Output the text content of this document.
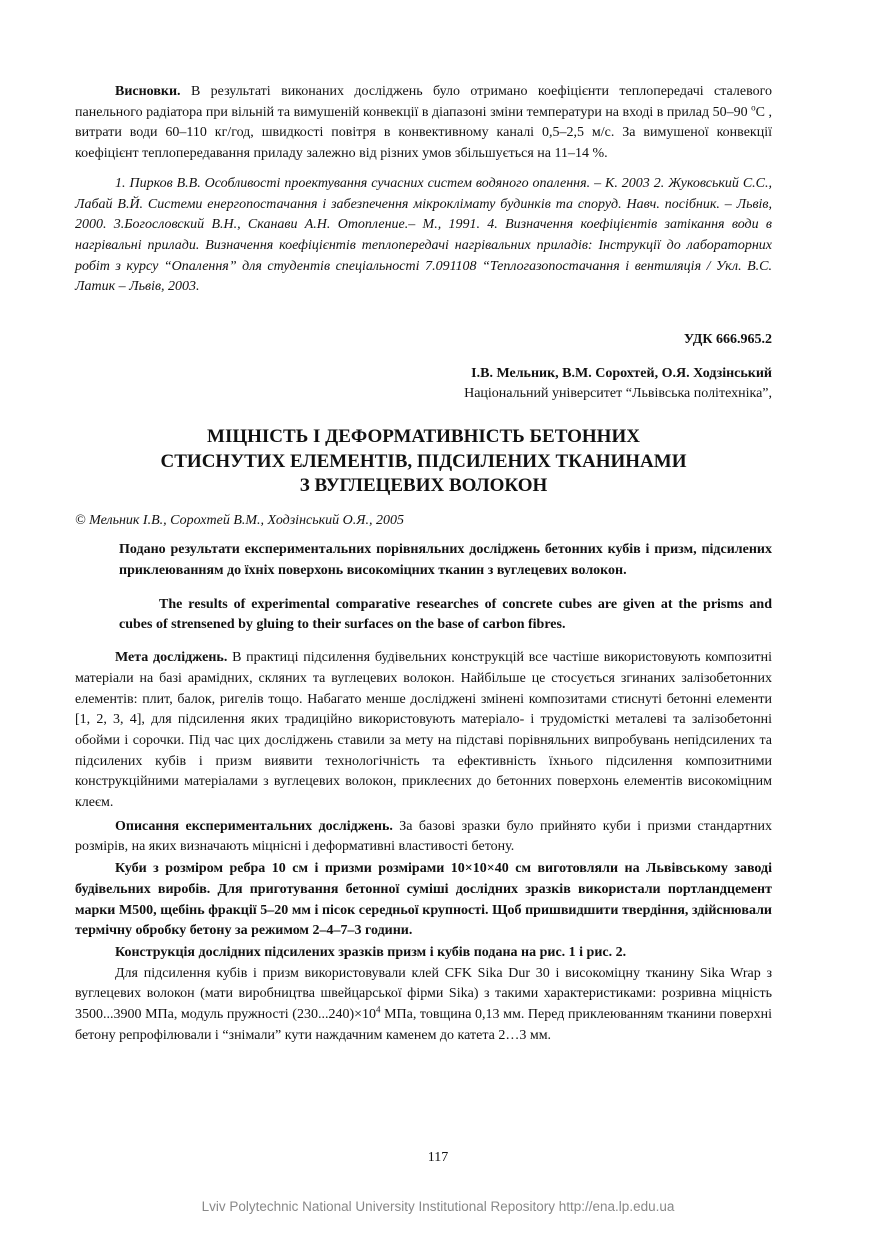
Висновки. В результаті виконаних досліджень було отримано коефіцієнти теплопередачі сталевого панельного радіатора при вільній та вимушеній конвекції в діапазоні зміни температури на вході в прилад 50–90 $^o$C , витрати води 60–110 кг/год, швидкості повітря в конвективному каналі 0,5–2,5 м/с. За вимушеної конвекції коефіцієнт теплопередавання приладу залежно від різних умов збільшується на 11–14 %.

1. Пирков В.В. Особливості проектування сучасних систем водяного опалення. – К. 2003 2. Жуковський С.С., Лабай В.Й. Системи енергопостачання і забезпечення мікроклімату будинків та споруд. Навч. посібник. – Львів, 2000. 3.Богословский В.Н., Сканави А.Н. Отопление.– М., 1991. 4. Визначення коефіцієнтів затікання води в нагрівальні прилади. Визначення коефіцієнтів теплопередачі нагрівальних приладів: Інструкції до лабораторних робіт з курсу “Опалення” для студентів спеціальності 7.091108 “Теплогазопостачання і вентиляція / Укл. В.С. Латик – Львів, 2003.

УДК 666.965.2

І.В. Мельник, В.М. Сорохтей, О.Я. Ходзінський

Національний університет “Львівська політехніка”,

МІЦНІСТЬ І ДЕФОРМАТИВНІСТЬ БЕТОННИХ
СТИСНУТИХ ЕЛЕМЕНТІВ, ПІДСИЛЕНИХ ТКАНИНАМИ
З ВУГЛЕЦЕВИХ ВОЛОКОН

© Мельник І.В., Сорохтей В.М., Ходзінський О.Я., 2005

Подано результати експериментальних порівняльних досліджень бетонних кубів і призм, підсилених приклеюванням до їхніх поверхонь високоміцних тканин з вуглецевих волокон.

The results of experimental comparative researches of concrete cubes are given at the prisms and cubes of strensened by gluing to their surfaces on the base of carbon fibres.

Мета досліджень. В практиці підсилення будівельних конструкцій все частіше використовують композитні матеріали на базі арамідних, скляних та вуглецевих волокон. Найбільше це стосується згинаних залізобетонних елементів: плит, балок, ригелів тощо. Набагато менше досліджені змінені композитами стиснуті бетонні елементи [1, 2, 3, 4], для підсилення яких традиційно використовують матеріало- і трудомісткі металеві та залізобетонні обойми і сорочки. Під час цих досліджень ставили за мету на підставі порівняльних випробувань непідсилених та підсилених кубів і призм виявити технологічність та ефективність їхнього підсилення композитними конструкційними матеріалами з вуглецевих волокон, приклеєних до бетонних поверхонь елементів високоміцним клеєм.

Описання експериментальних досліджень. За базові зразки було прийнято куби і призми стандартних розмірів, на яких визначають міцнісні і деформативні властивості бетону.

Куби з розміром ребра 10 см і призми розмірами 10×10×40 см виготовляли на Львівському заводі будівельних виробів. Для приготування бетонної суміші дослідних зразків використали портландцемент марки М500, щебінь фракції 5–20 мм і пісок середньої крупності. Щоб пришвидшити твердіння, здійснювали термічну обробку бетону за режимом 2–4–7–3 години.

Конструкція дослідних підсилених зразків призм і кубів подана на рис. 1 і рис. 2.

Для підсилення кубів і призм використовували клей CFK Sika Dur 30 і високоміцну тканину Sika Wrap з вуглецевих волокон (мати виробництва швейцарської фірми Sika) з такими характеристиками: розривна міцність 3500...3900 МПа, модуль пружності $(230...240)\times 10^4$ МПа, товщина 0,13 мм. Перед приклеюванням тканини поверхні бетону репрофілювали і “знімали” кути наждачним каменем до катета 2…3 мм.

117
Lviv Polytechnic National University Institutional Repository http://ena.lp.edu.ua
